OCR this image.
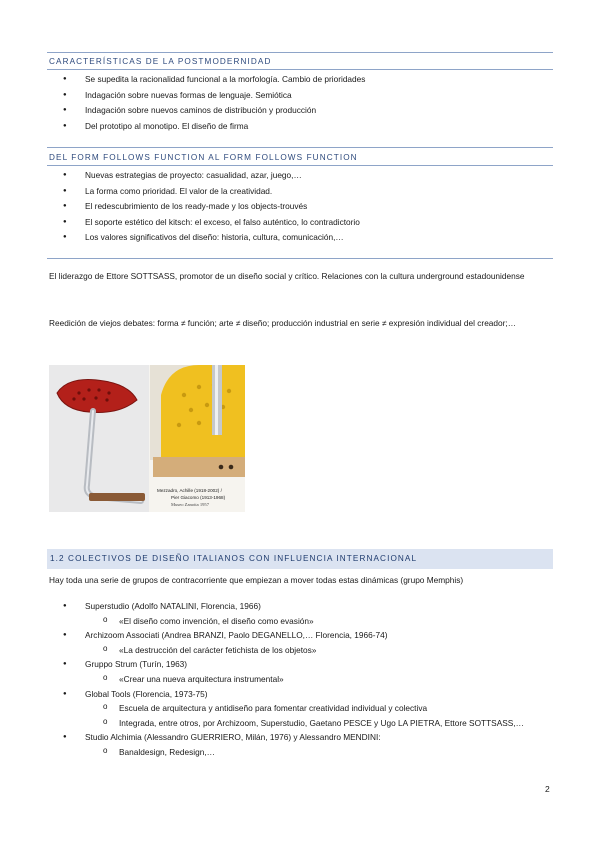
CARACTERÍSTICAS DE LA POSTMODERNIDAD
● Se supedita la racionalidad funcional a la morfología. Cambio de prioridades
● Indagación sobre nuevas formas de lenguaje. Semiótica
● Indagación sobre nuevos caminos de distribución y producción
● Del prototipo al monotipo. El diseño de firma
DEL FORM FOLLOWS FUNCTION AL FORM FOLLOWS FUNCTION
● Nuevas estrategias de proyecto: casualidad, azar, juego,…
● La forma como prioridad. El valor de la creatividad.
● El redescubrimiento de los ready-made y los objects-trouvés
● El soporte estético del kitsch: el exceso, el falso auténtico, lo contradictorio
● Los valores significativos del diseño: historia, cultura, comunicación,…

El liderazgo de Ettore SOTTSASS, promotor de un diseño social y crítico. Relaciones con la cultura underground estadounidense

Reedición de viejos debates: forma ≠ función; arte ≠ diseño; producción industrial en serie ≠ expresión individual del creador;…

Mezzadro, Achille (1918-2002) /
Pier Giacomo (1913-1968)
Museo Zanotta 1957
1.2 COLECTIVOS DE DISEÑO ITALIANOS CON INFLUENCIA INTERNACIONAL

Hay toda una serie de grupos de contracorriente que empiezan a mover todas estas dinámicas (grupo Memphis)

● Superstudio (Adolfo NATALINI, Florencia, 1966)
o «El diseño como invención, el diseño como evasión»
● Archizoom Associati (Andrea BRANZI, Paolo DEGANELLO,… Florencia, 1966-74)
o «La destrucción del carácter fetichista de los objetos»
● Gruppo Strum (Turín, 1963)
o «Crear una nueva arquitectura instrumental»
● Global Tools (Florencia, 1973-75)
o Escuela de arquitectura y antidiseño para fomentar creatividad individual y colectiva
o Integrada, entre otros, por Archizoom, Superstudio, Gaetano PESCE y Ugo LA PIETRA, Ettore SOTTSASS,…
● Studio Alchimia (Alessandro GUERRIERO, Milán, 1976) y Alessandro MENDINI:
o Banaldesign, Redesign,…
2
